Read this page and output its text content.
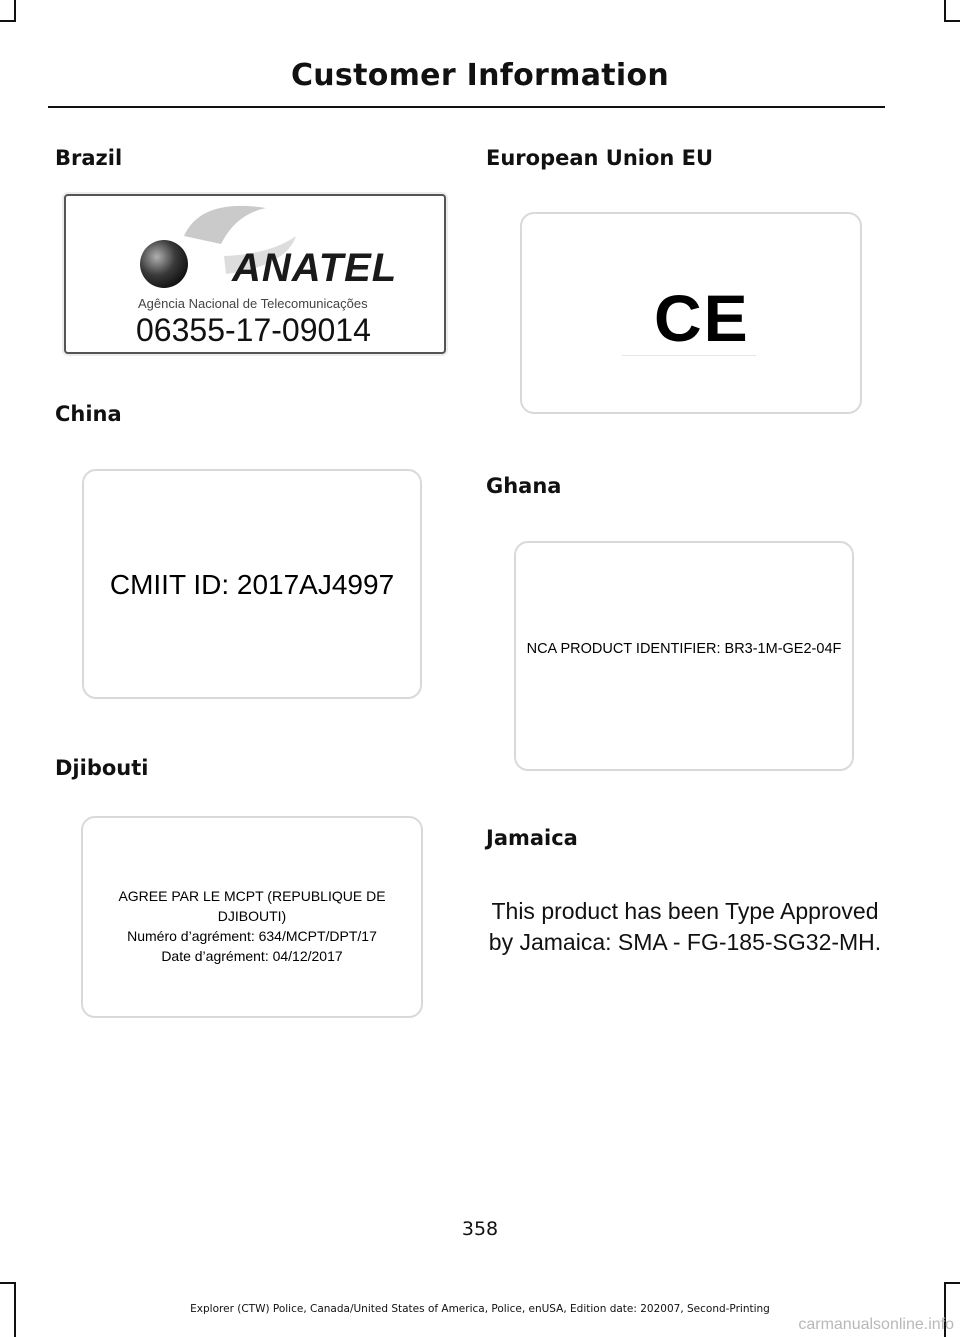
Customer Information
Brazil
ANATEL
Agência Nacional de Telecomunicações
06355-17-09014
China
CMIIT ID: 2017AJ4997
Djibouti
AGREE PAR LE MCPT (REPUBLIQUE DE DJIBOUTI)
Numéro d’agrément: 634/MCPT/DPT/17
Date d’agrément: 04/12/2017
European Union EU
CE
Ghana
NCA PRODUCT IDENTIFIER: BR3-1M-GE2-04F
Jamaica
This product has been Type Approved
by Jamaica: SMA - FG-185-SG32-MH.
358
Explorer (CTW) Police, Canada/United States of America, Police, enUSA, Edition date: 202007, Second-Printing
carmanualsonline.info
